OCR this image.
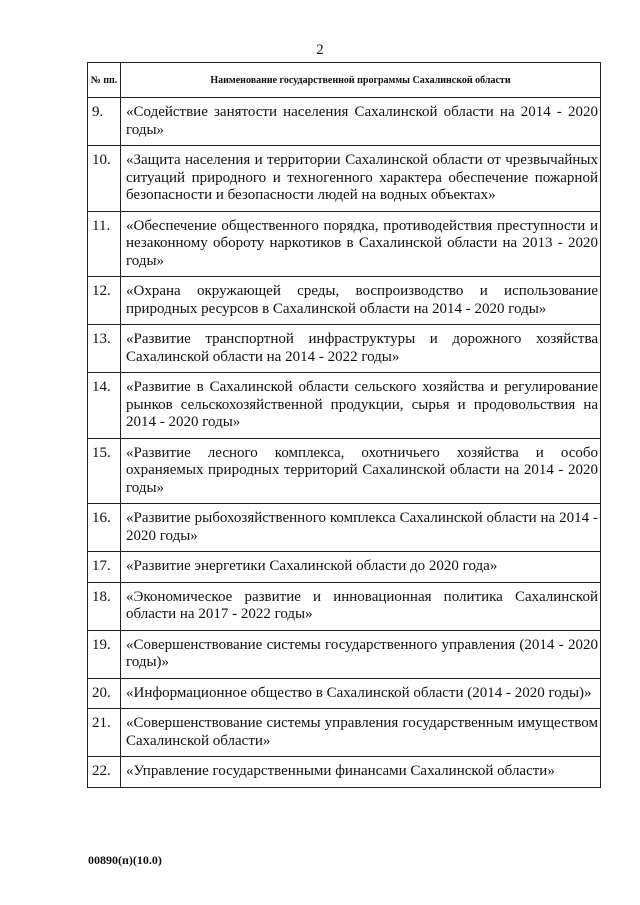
2
№ пп.	Наименование государственной программы Сахалинской области
9.	«Содействие занятости населения Сахалинской области на 2014 - 2020 годы»
10.	«Защита населения и территории Сахалинской области от чрезвычайных ситуаций природного и техногенного характера обеспечение пожарной безопасности и безопасности людей на водных объектах»
11.	«Обеспечение общественного порядка, противодействия преступности и незаконному обороту наркотиков в Сахалинской области на 2013 - 2020 годы»
12.	«Охрана окружающей среды, воспроизводство и использование природных ресурсов в Сахалинской области на 2014 - 2020 годы»
13.	«Развитие транспортной инфраструктуры и дорожного хозяйства Сахалинской области на 2014 - 2022 годы»
14.	«Развитие в Сахалинской области сельского хозяйства и регулирование рынков сельскохозяйственной продукции, сырья и продовольствия на 2014 - 2020 годы»
15.	«Развитие лесного комплекса, охотничьего хозяйства и особо охраняемых природных территорий Сахалинской области на 2014 - 2020 годы»
16.	«Развитие рыбохозяйственного комплекса Сахалинской области на 2014 - 2020 годы»
17.	«Развитие энергетики Сахалинской области до 2020 года»
18.	«Экономическое развитие и инновационная политика Сахалинской области на 2017 - 2022 годы»
19.	«Совершенствование системы государственного управления (2014 - 2020 годы)»
20.	«Информационное общество в Сахалинской области (2014 - 2020 годы)»
21.	«Совершенствование системы управления государственным имуществом Сахалинской области»
22.	«Управление государственными финансами Сахалинской области»
00890(п)(10.0)
